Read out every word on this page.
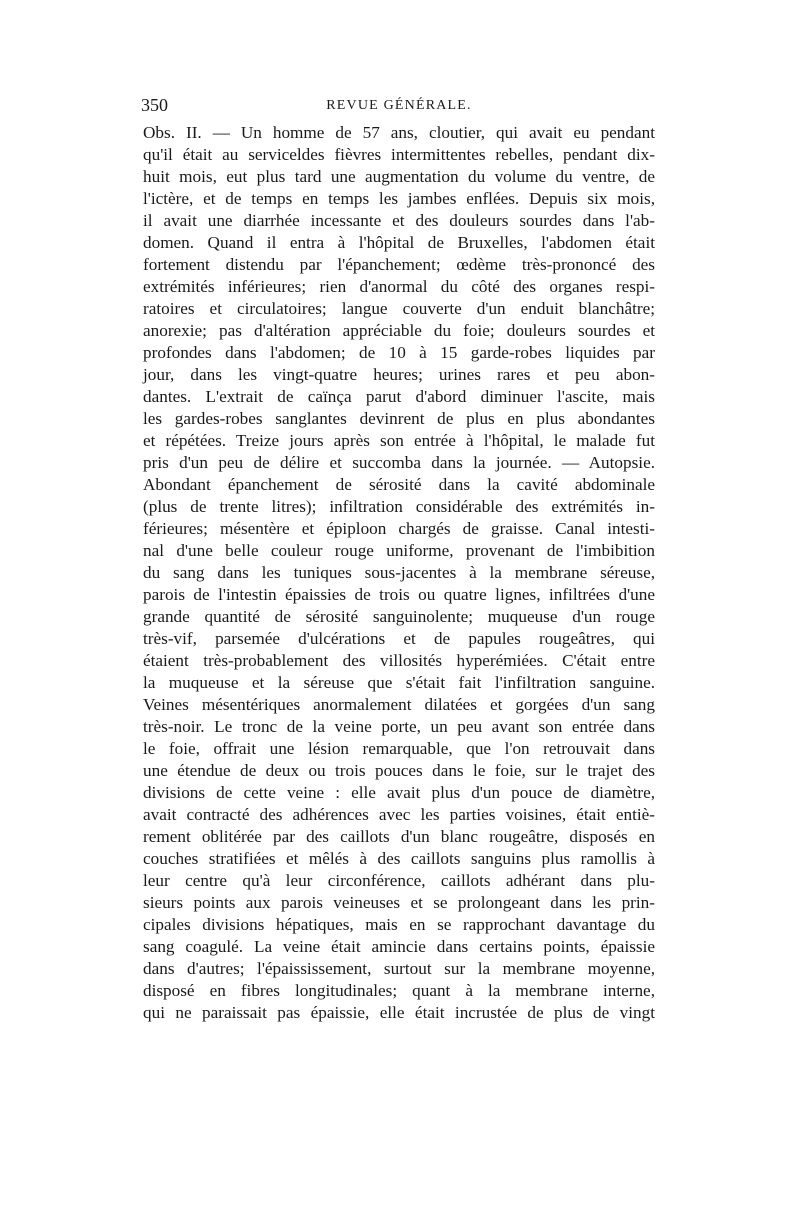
350	REVUE GÉNÉRALE.
Obs. II. — Un homme de 57 ans, cloutier, qui avait eu pendant
qu'il était au serviceldes fièvres intermittentes rebelles, pendant dix-
huit mois, eut plus tard une augmentation du volume du ventre, de
l'ictère, et de temps en temps les jambes enflées. Depuis six mois,
il avait une diarrhée incessante et des douleurs sourdes dans l'ab-
domen. Quand il entra à l'hôpital de Bruxelles, l'abdomen était
fortement distendu par l'épanchement; œdème très-prononcé des
extrémités inférieures; rien d'anormal du côté des organes respi-
ratoires et circulatoires; langue couverte d'un enduit blanchâtre;
anorexie; pas d'altération appréciable du foie; douleurs sourdes et
profondes dans l'abdomen; de 10 à 15 garde-robes liquides par
jour, dans les vingt-quatre heures; urines rares et peu abon-
dantes. L'extrait de caïnça parut d'abord diminuer l'ascite, mais
les gardes-robes sanglantes devinrent de plus en plus abondantes
et répétées. Treize jours après son entrée à l'hôpital, le malade fut
pris d'un peu de délire et succomba dans la journée. — Autopsie.
Abondant épanchement de sérosité dans la cavité abdominale
(plus de trente litres); infiltration considérable des extrémités in-
férieures; mésentère et épiploon chargés de graisse. Canal intesti-
nal d'une belle couleur rouge uniforme, provenant de l'imbibition
du sang dans les tuniques sous-jacentes à la membrane séreuse,
parois de l'intestin épaissies de trois ou quatre lignes, infiltrées d'une
grande quantité de sérosité sanguinolente; muqueuse d'un rouge
très-vif, parsemée d'ulcérations et de papules rougeâtres, qui
étaient très-probablement des villosités hyperémiées. C'était entre
la muqueuse et la séreuse que s'était fait l'infiltration sanguine.
Veines mésentériques anormalement dilatées et gorgées d'un sang
très-noir. Le tronc de la veine porte, un peu avant son entrée dans
le foie, offrait une lésion remarquable, que l'on retrouvait dans
une étendue de deux ou trois pouces dans le foie, sur le trajet des
divisions de cette veine : elle avait plus d'un pouce de diamètre,
avait contracté des adhérences avec les parties voisines, était entiè-
rement oblitérée par des caillots d'un blanc rougeâtre, disposés en
couches stratifiées et mêlés à des caillots sanguins plus ramollis à
leur centre qu'à leur circonférence, caillots adhérant dans plu-
sieurs points aux parois veineuses et se prolongeant dans les prin-
cipales divisions hépatiques, mais en se rapprochant davantage du
sang coagulé. La veine était amincie dans certains points, épaissie
dans d'autres; l'épaississement, surtout sur la membrane moyenne,
disposé en fibres longitudinales; quant à la membrane interne,
qui ne paraissait pas épaissie, elle était incrustée de plus de vingt
